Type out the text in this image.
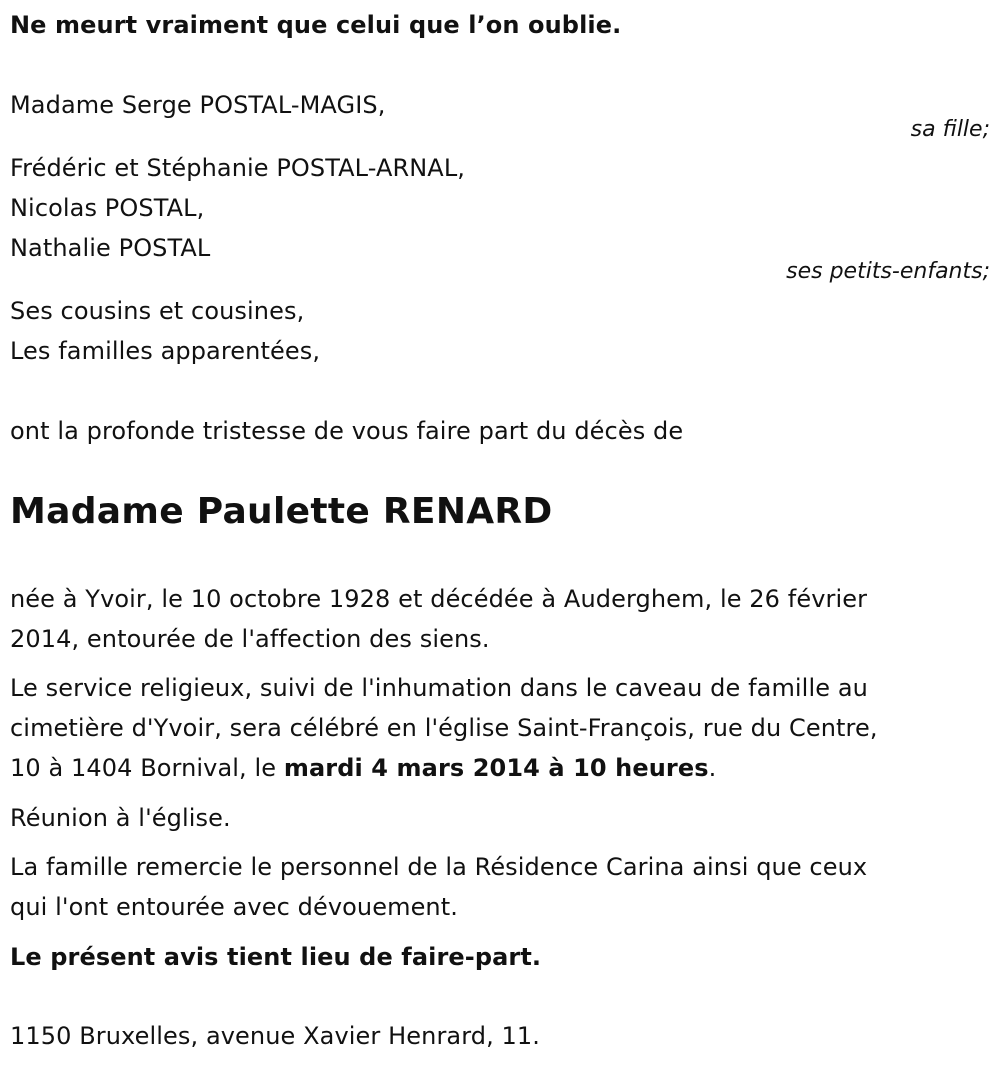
Ne meurt vraiment que celui que l’on oublie.
Madame Serge POSTAL-MAGIS,
sa fille;
Frédéric et Stéphanie POSTAL-ARNAL,
Nicolas POSTAL,
Nathalie POSTAL
ses petits-enfants;
Ses cousins et cousines,
Les familles apparentées,
ont la profonde tristesse de vous faire part du décès de
Madame Paulette RENARD
née à Yvoir, le 10 octobre 1928 et décédée à Auderghem, le 26 février
2014, entourée de l'affection des siens.
Le service religieux, suivi de l'inhumation dans le caveau de famille au
cimetière d'Yvoir, sera célébré en l'église Saint-François, rue du Centre,
10 à 1404 Bornival, le mardi 4 mars 2014 à 10 heures.
Réunion à l'église.
La famille remercie le personnel de la Résidence Carina ainsi que ceux
qui l'ont entourée avec dévouement.
Le présent avis tient lieu de faire-part.
1150 Bruxelles, avenue Xavier Henrard, 11.
